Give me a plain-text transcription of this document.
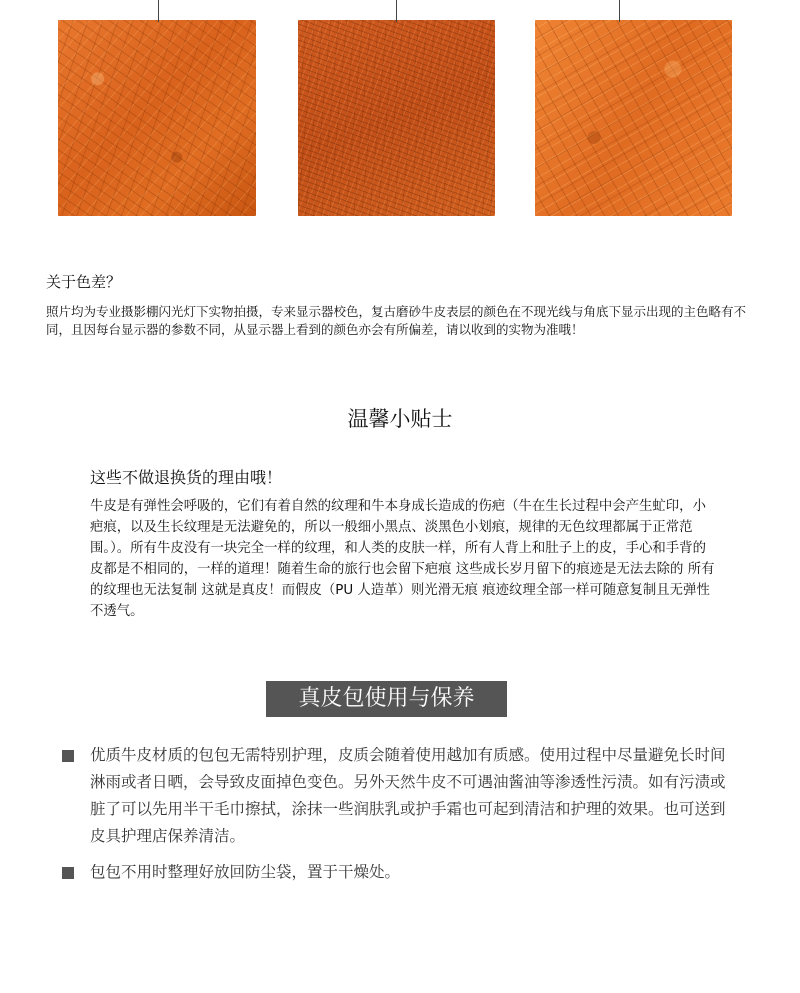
关于色差？
照片均为专业摄影棚闪光灯下实物拍摄，专来显示器校色，复古磨砂牛皮表层的颜色在不现光线与角底下显示出现的主色略有不同，且因每台显示器的参数不同，从显示器上看到的颜色亦会有所偏差，请以收到的实物为准哦！
温馨小贴士
这些不做退换货的理由哦！
牛皮是有弹性会呼吸的，它们有着自然的纹理和牛本身成长造成的伤疤（牛在生长过程中会产生虻印，小疤痕，以及生长纹理是无法避免的，所以一般细小黑点、淡黑色小划痕，规律的无色纹理都属于正常范围。）。所有牛皮没有一块完全一样的纹理，和人类的皮肤一样，所有人背上和肚子上的皮，手心和手背的皮都是不相同的，一样的道理！随着生命的旅行也会留下疤痕 这些成长岁月留下的痕迹是无法去除的 所有的纹理也无法复制 这就是真皮！而假皮（PU 人造革）则光滑无痕 痕迹纹理全部一样可随意复制且无弹性 不透气。
真皮包使用与保养
优质牛皮材质的包包无需特别护理，皮质会随着使用越加有质感。使用过程中尽量避免长时间淋雨或者日晒，会导致皮面掉色变色。另外天然牛皮不可遇油酱油等渗透性污渍。如有污渍或脏了可以先用半干毛巾擦拭，涂抹一些润肤乳或护手霜也可起到清洁和护理的效果。也可送到皮具护理店保养清洁。
包包不用时整理好放回防尘袋，置于干燥处。
